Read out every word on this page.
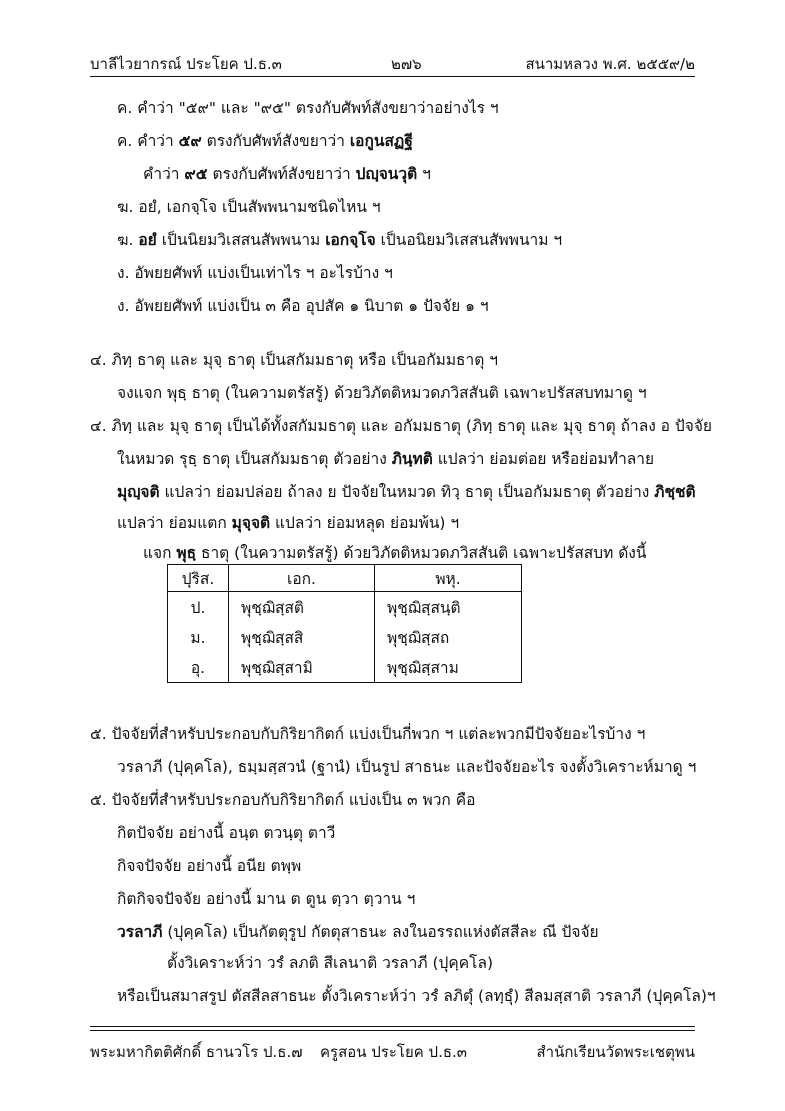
บาลีไวยากรณ์ ประโยค ป.ธ.๓	๒๗๖	สนามหลวง พ.ศ. ๒๕๕๙/๒
ค. คำว่า "๕๙" และ "๙๕" ตรงกับศัพท์สังขยาว่าอย่างไร ฯ
ค. คำว่า ๕๙ ตรงกับศัพท์สังขยาว่า เอกูนสฏฐี
คำว่า ๙๕ ตรงกับศัพท์สังขยาว่า ปญฺจนวุติ ฯ
ฆ. อยํ, เอกจฺโจ เป็นสัพพนามชนิดไหน ฯ
ฆ. อยํ เป็นนิยมวิเสสนสัพพนาม เอกจฺโจ เป็นอนิยมวิเสสนสัพพนาม ฯ
ง. อัพยยศัพท์ แบ่งเป็นเท่าไร ฯ อะไรบ้าง ฯ
ง. อัพยยศัพท์ แบ่งเป็น ๓ คือ อุปสัค ๑ นิบาต ๑ ปัจจัย ๑ ฯ
๔. ภิทฺ ธาตุ และ มุจฺ ธาตุ เป็นสกัมมธาตุ หรือ เป็นอกัมมธาตุ ฯ
จงแจก พุธฺ ธาตุ (ในความตรัสรู้) ด้วยวิภัตติหมวดภวิสสันติ เฉพาะปรัสสบทมาดู ฯ
๔. ภิทฺ และ มุจฺ ธาตุ เป็นได้ทั้งสกัมมธาตุ และ อกัมมธาตุ (ภิทฺ ธาตุ และ มุจฺ ธาตุ ถ้าลง อ ปัจจัย
ในหมวด รุธฺ ธาตุ เป็นสกัมมธาตุ ตัวอย่าง ภินฺทติ แปลว่า ย่อมต่อย หรือย่อมทำลาย
มุญฺจติ แปลว่า ย่อมปล่อย ถ้าลง ย ปัจจัยในหมวด ทิวฺ ธาตุ เป็นอกัมมธาตุ ตัวอย่าง ภิชฺชติ
แปลว่า ย่อมแตก มุจฺจติ แปลว่า ย่อมหลุด ย่อมพ้น) ฯ
แจก พุธฺ ธาตุ (ในความตรัสรู้) ด้วยวิภัตติหมวดภวิสสันติ เฉพาะปรัสสบท ดังนี้
ปุริส.	เอก.	พหุ.
ป.	พุชฺฌิสฺสติ	พุชฺฌิสฺสนฺติ
ม.	พุชฺฌิสฺสสิ	พุชฺฌิสฺสถ
อุ.	พุชฺฌิสฺสามิ	พุชฺฌิสฺสาม
๕. ปัจจัยที่สำหรับประกอบกับกิริยากิตก์ แบ่งเป็นกี่พวก ฯ แต่ละพวกมีปัจจัยอะไรบ้าง ฯ
วรลาภี (ปุคฺคโล), ธมฺมสฺสวนํ (ฐานํ) เป็นรูป สาธนะ และปัจจัยอะไร จงตั้งวิเคราะห์มาดู ฯ
๕. ปัจจัยที่สำหรับประกอบกับกิริยากิตก์ แบ่งเป็น ๓ พวก คือ
กิตปัจจัย อย่างนี้ อนฺต ตวนฺตุ ตาวี
กิจจปัจจัย อย่างนี้ อนีย ตพฺพ
กิตกิจจปัจจัย อย่างนี้ มาน ต ตูน ตฺวา ตฺวาน ฯ
วรลาภี (ปุคฺคโล) เป็นกัตตุรูป กัตตุสาธนะ ลงในอรรถแห่งตัสสีละ ณี ปัจจัย
ตั้งวิเคราะห์ว่า วรํ ลภติ สีเลนาติ วรลาภี (ปุคฺคโล)
หรือเป็นสมาสรูป ตัสสีลสาธนะ ตั้งวิเคราะห์ว่า วรํ ลภิตุํ (ลทฺธุํ) สีลมสฺสาติ วรลาภี (ปุคฺคโล)ฯ
พระมหากิตติศักดิ์ ธานวโร ป.ธ.๗ ครูสอน ประโยค ป.ธ.๓	สำนักเรียนวัดพระเชตุพน
